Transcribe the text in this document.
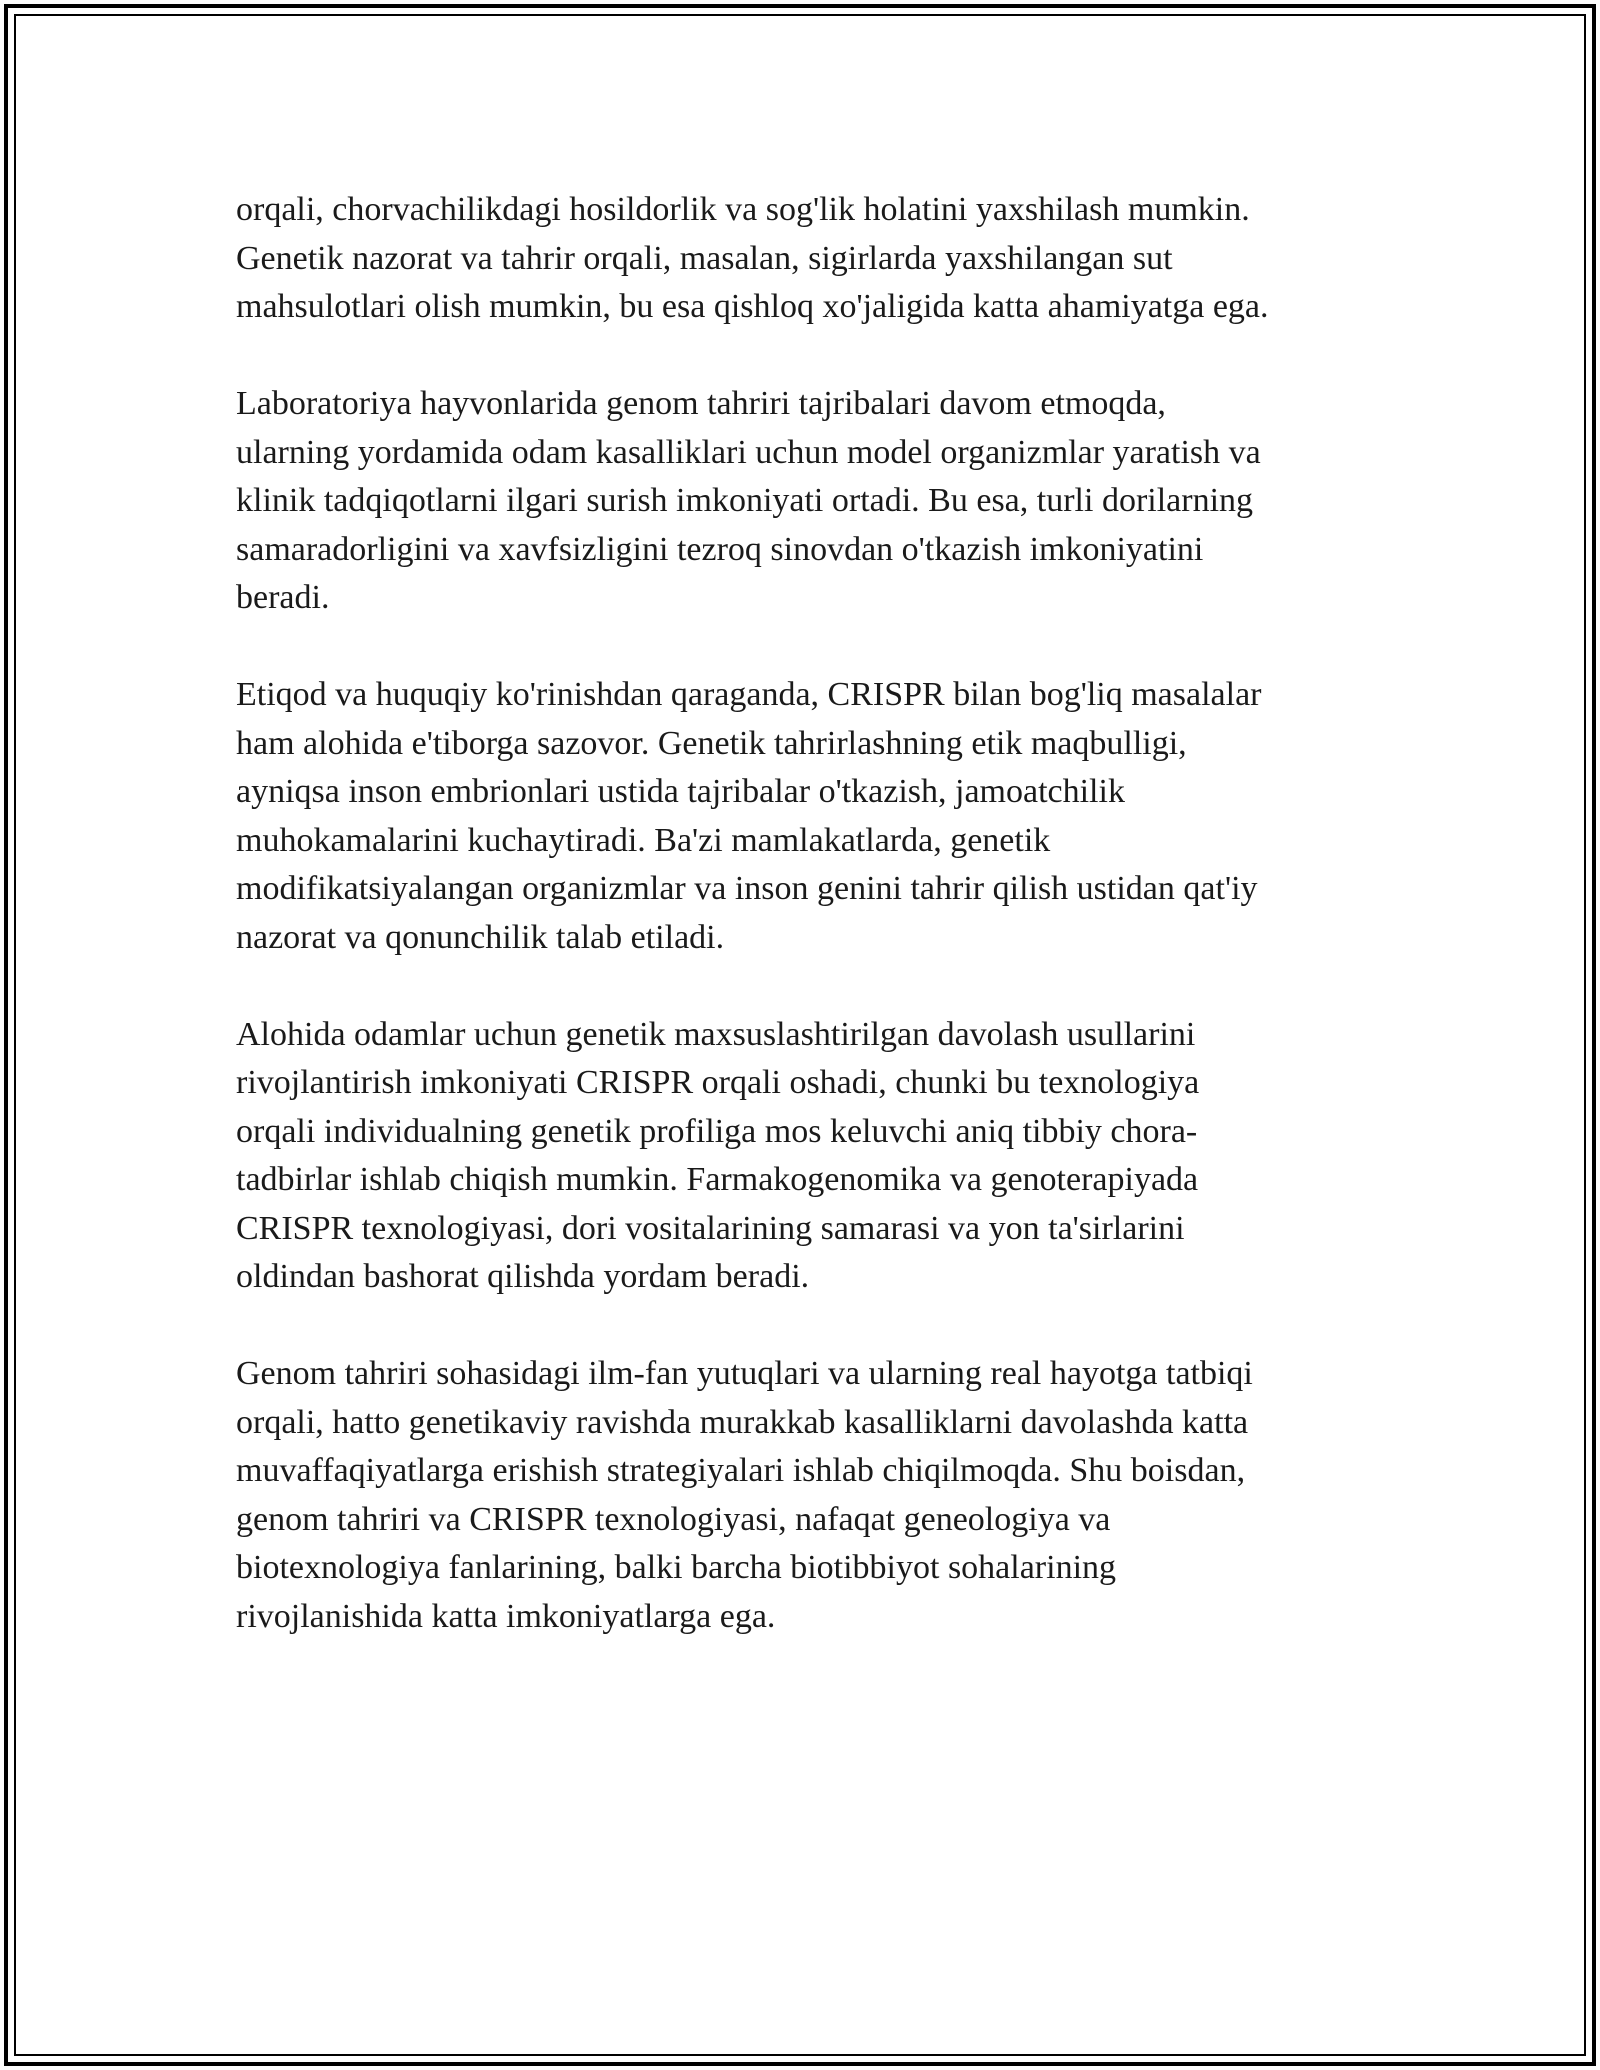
orqali, chorvachilikdagi hosildorlik va sog'lik holatini yaxshilash mumkin.
Genetik nazorat va tahrir orqali, masalan, sigirlarda yaxshilangan sut
mahsulotlari olish mumkin, bu esa qishloq xo'jaligida katta ahamiyatga ega.

Laboratoriya hayvonlarida genom tahriri tajribalari davom etmoqda,
ularning yordamida odam kasalliklari uchun model organizmlar yaratish va
klinik tadqiqotlarni ilgari surish imkoniyati ortadi. Bu esa, turli dorilarning
samaradorligini va xavfsizligini tezroq sinovdan o'tkazish imkoniyatini
beradi.

Etiqod va huquqiy ko'rinishdan qaraganda, CRISPR bilan bog'liq masalalar
ham alohida e'tiborga sazovor. Genetik tahrirlashning etik maqbulligi,
ayniqsa inson embrionlari ustida tajribalar o'tkazish, jamoatchilik
muhokamalarini kuchaytiradi. Ba'zi mamlakatlarda, genetik
modifikatsiyalangan organizmlar va inson genini tahrir qilish ustidan qat'iy
nazorat va qonunchilik talab etiladi.

Alohida odamlar uchun genetik maxsuslashtirilgan davolash usullarini
rivojlantirish imkoniyati CRISPR orqali oshadi, chunki bu texnologiya
orqali individualning genetik profiliga mos keluvchi aniq tibbiy chora-
tadbirlar ishlab chiqish mumkin. Farmakogenomika va genoterapiyada
CRISPR texnologiyasi, dori vositalarining samarasi va yon ta'sirlarini
oldindan bashorat qilishda yordam beradi.

Genom tahriri sohasidagi ilm-fan yutuqlari va ularning real hayotga tatbiqi
orqali, hatto genetikaviy ravishda murakkab kasalliklarni davolashda katta
muvaffaqiyatlarga erishish strategiyalari ishlab chiqilmoqda. Shu boisdan,
genom tahriri va CRISPR texnologiyasi, nafaqat geneologiya va
biotexnologiya fanlarining, balki barcha biotibbiyot sohalarining
rivojlanishida katta imkoniyatlarga ega.
